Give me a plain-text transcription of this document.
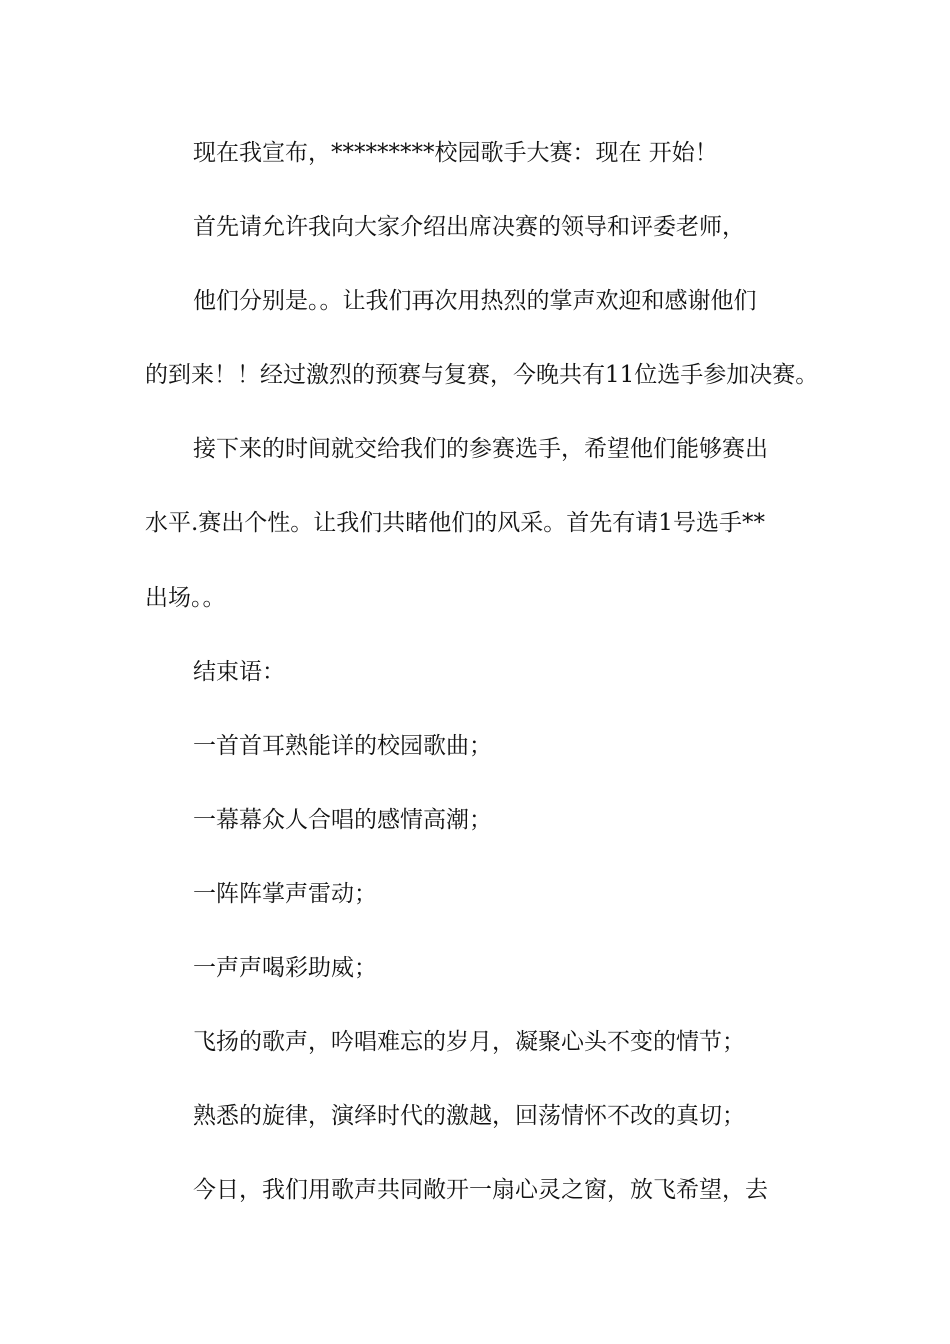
现在我宣布，*********校园歌手大赛：现在 开始！
首先请允许我向大家介绍出席决赛的领导和评委老师，
他们分别是。。让我们再次用热烈的掌声欢迎和感谢他们
的到来！！经过激烈的预赛与复赛，今晚共有11位选手参加决赛。
接下来的时间就交给我们的参赛选手，希望他们能够赛出
水平.赛出个性。让我们共睹他们的风采。首先有请1号选手**
出场。。
结束语：
一首首耳熟能详的校园歌曲；
一幕幕众人合唱的感情高潮；
一阵阵掌声雷动；
一声声喝彩助威；
飞扬的歌声，吟唱难忘的岁月，凝聚心头不变的情节；
熟悉的旋律，演绎时代的激越，回荡情怀不改的真切；
今日，我们用歌声共同敞开一扇心灵之窗，放飞希望，去
